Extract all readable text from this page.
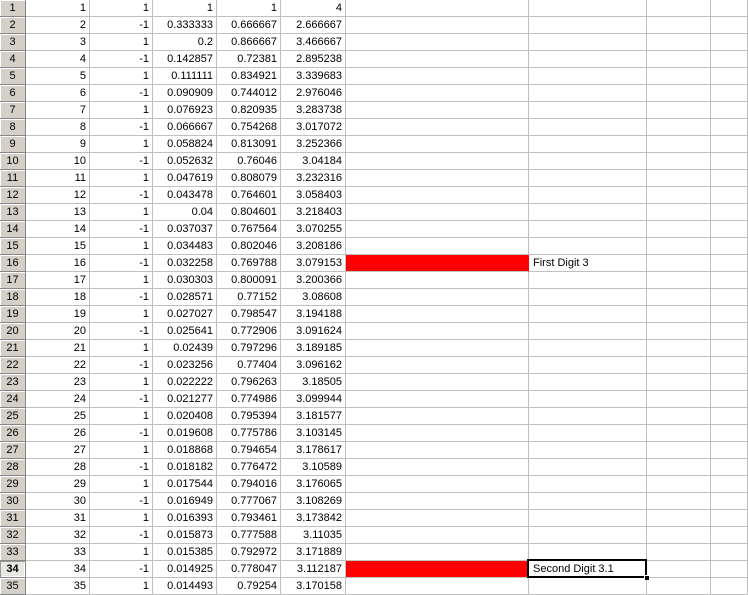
1	1	1	1	1	4
2	2	-1	0.333333	0.666667	2.666667
3	3	1	0.2	0.866667	3.466667
4	4	-1	0.142857	0.72381	2.895238
5	5	1	0.111111	0.834921	3.339683
6	6	-1	0.090909	0.744012	2.976046
7	7	1	0.076923	0.820935	3.283738
8	8	-1	0.066667	0.754268	3.017072
9	9	1	0.058824	0.813091	3.252366
10	10	-1	0.052632	0.76046	3.04184
11	11	1	0.047619	0.808079	3.232316
12	12	-1	0.043478	0.764601	3.058403
13	13	1	0.04	0.804601	3.218403
14	14	-1	0.037037	0.767564	3.070255
15	15	1	0.034483	0.802046	3.208186
16	16	-1	0.032258	0.769788	3.079153	First Digit 3
17	17	1	0.030303	0.800091	3.200366
18	18	-1	0.028571	0.77152	3.08608
19	19	1	0.027027	0.798547	3.194188
20	20	-1	0.025641	0.772906	3.091624
21	21	1	0.02439	0.797296	3.189185
22	22	-1	0.023256	0.77404	3.096162
23	23	1	0.022222	0.796263	3.18505
24	24	-1	0.021277	0.774986	3.099944
25	25	1	0.020408	0.795394	3.181577
26	26	-1	0.019608	0.775786	3.103145
27	27	1	0.018868	0.794654	3.178617
28	28	-1	0.018182	0.776472	3.10589
29	29	1	0.017544	0.794016	3.176065
30	30	-1	0.016949	0.777067	3.108269
31	31	1	0.016393	0.793461	3.173842
32	32	-1	0.015873	0.777588	3.11035
33	33	1	0.015385	0.792972	3.171889
34	34	-1	0.014925	0.778047	3.112187	Second Digit 3.1
35	35	1	0.014493	0.79254	3.170158
